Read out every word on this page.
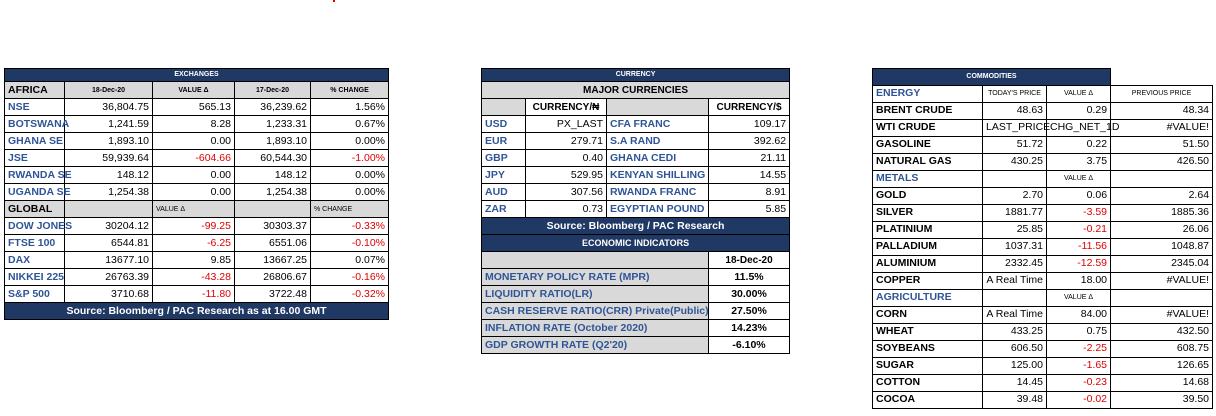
EXCHANGES				
AFRICA	18-Dec-20	VALUE Δ	17-Dec-20	% CHANGE
NSE	36,804.75	565.13	36,239.62	1.56%
BOTSWANA	1,241.59	8.28	1,233.31	0.67%
GHANA SE	1,893.10	0.00	1,893.10	0.00%
JSE	59,939.64	-604.66	60,544.30	-1.00%
RWANDA SE	148.12	0.00	148.12	0.00%
UGANDA SE	1,254.38	0.00	1,254.38	0.00%
GLOBAL		VALUE Δ		% CHANGE
DOW JONES	30204.12	-99.25	30303.37	-0.33%
FTSE 100	6544.81	-6.25	6551.06	-0.10%
DAX	13677.10	9.85	13667.25	0.07%
NIKKEI 225	26763.39	-43.28	26806.67	-0.16%
S&P 500	3710.68	-11.80	3722.48	-0.32%
Source: Bloomberg / PAC Research as at 16.00 GMT				
CURRENCY			
MAJOR CURRENCIES			
	CURRENCY/₦		CURRENCY/$
USD	PX_LAST	CFA FRANC	109.17
EUR	279.71	S.A RAND	392.62
GBP	0.40	GHANA CEDI	21.11
JPY	529.95	KENYAN SHILLING	14.55
AUD	307.56	RWANDA FRANC	8.91
ZAR	0.73	EGYPTIAN POUND	5.85
Source: Bloomberg / PAC Research			
ECONOMIC INDICATORS			
			18-Dec-20
MONETARY POLICY RATE (MPR)			11.5%
LIQUIDITY RATIO(LR)			30.00%
CASH RESERVE RATIO(CRR) Private(Public)			27.50%
INFLATION RATE (October 2020)			14.23%
GDP GROWTH RATE (Q2'20)			-6.10%
COMMODITIES			
ENERGY	TODAY'S PRICE	VALUE Δ	PREVIOUS PRICE
BRENT CRUDE	48.63	0.29	48.34
WTI CRUDE	LAST_PRICE	CHG_NET_1D	#VALUE!
GASOLINE	51.72	0.22	51.50
NATURAL GAS	430.25	3.75	426.50
METALS		VALUE Δ	
GOLD	2.70	0.06	2.64
SILVER	1881.77	-3.59	1885.36
PLATINIUM	25.85	-0.21	26.06
PALLADIUM	1037.31	-11.56	1048.87
ALUMINIUM	2332.45	-12.59	2345.04
COPPER	A Real Time	18.00	#VALUE!
AGRICULTURE		VALUE Δ	
CORN	A Real Time	84.00	#VALUE!
WHEAT	433.25	0.75	432.50
SOYBEANS	606.50	-2.25	608.75
SUGAR	125.00	-1.65	126.65
COTTON	14.45	-0.23	14.68
COCOA	39.48	-0.02	39.50
